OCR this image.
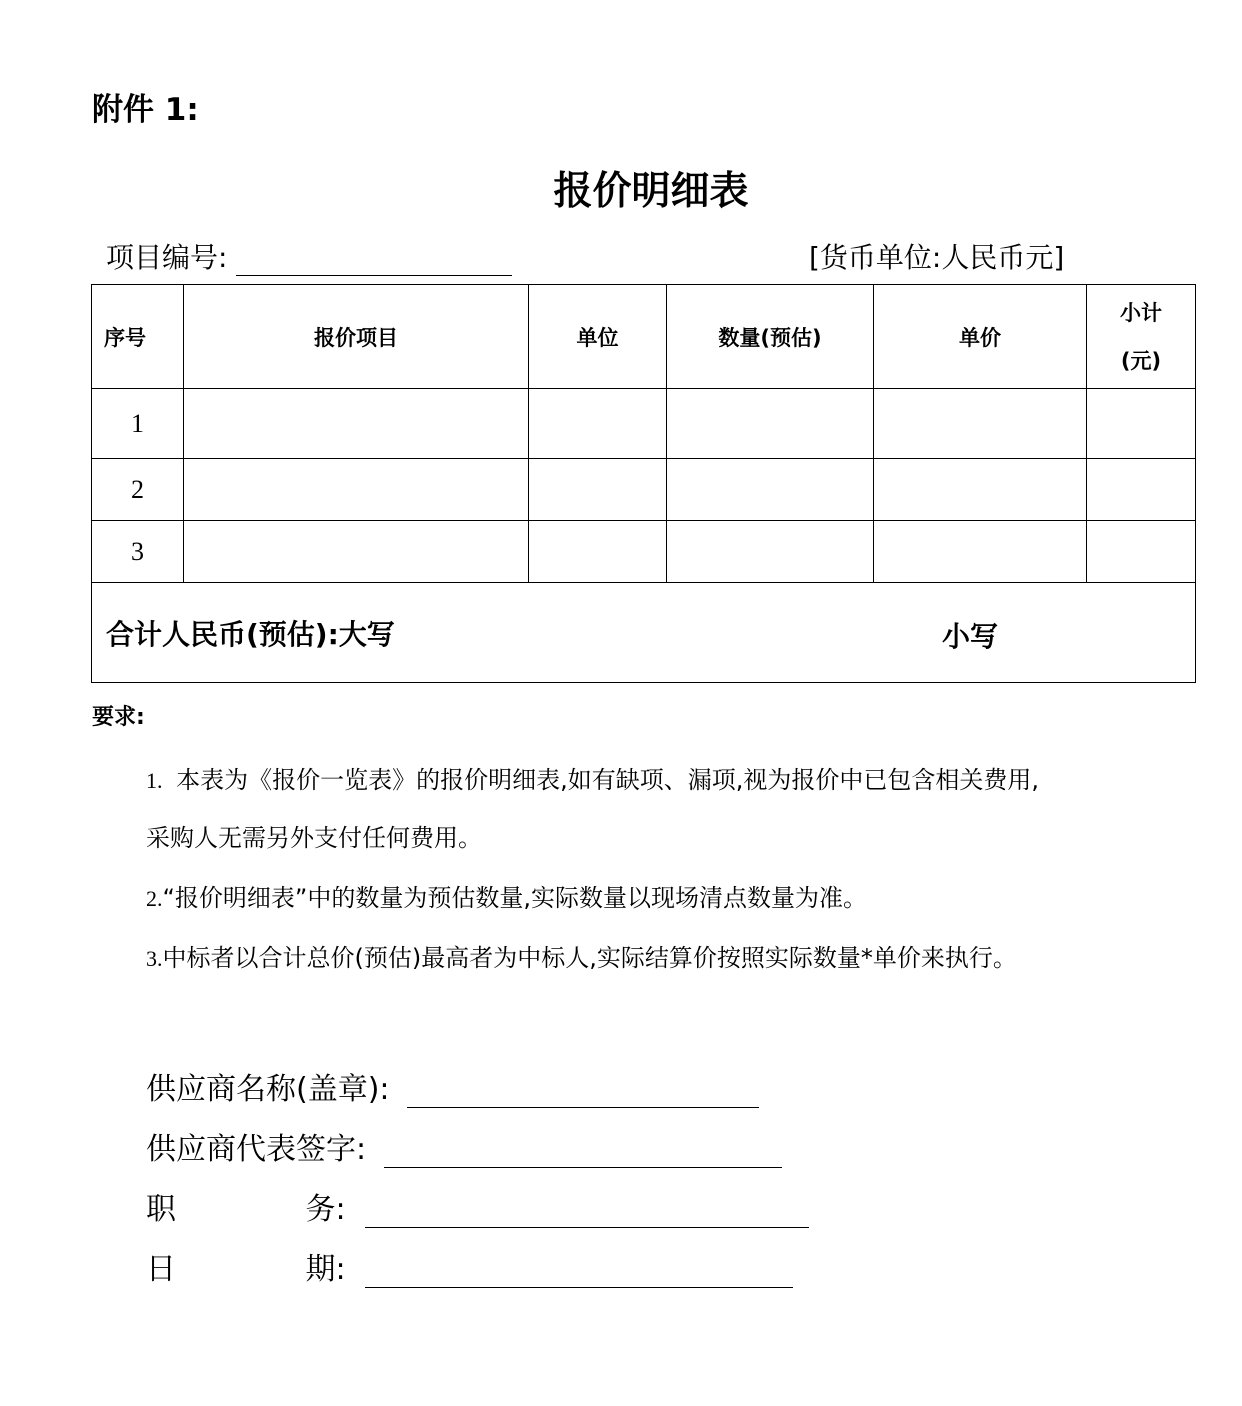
附件 1:
报价明细表
项目编号:	[货币单位:人民币元]
序号	报价项目	单位	数量(预估)	单价	小计
(元)

1					
2					
3					
合计人民币(预估):大写 小写					
要求:
1. 本表为《报价一览表》的报价明细表,如有缺项、漏项,视为报价中已包含相关费用,
采购人无需另外支付任何费用。
2.“报价明细表”中的数量为预估数量,实际数量以现场清点数量为准。
3.中标者以合计总价(预估)最高者为中标人,实际结算价按照实际数量*单价来执行。
供应商名称(盖章):
供应商代表签字:
职	务:
日	期:
